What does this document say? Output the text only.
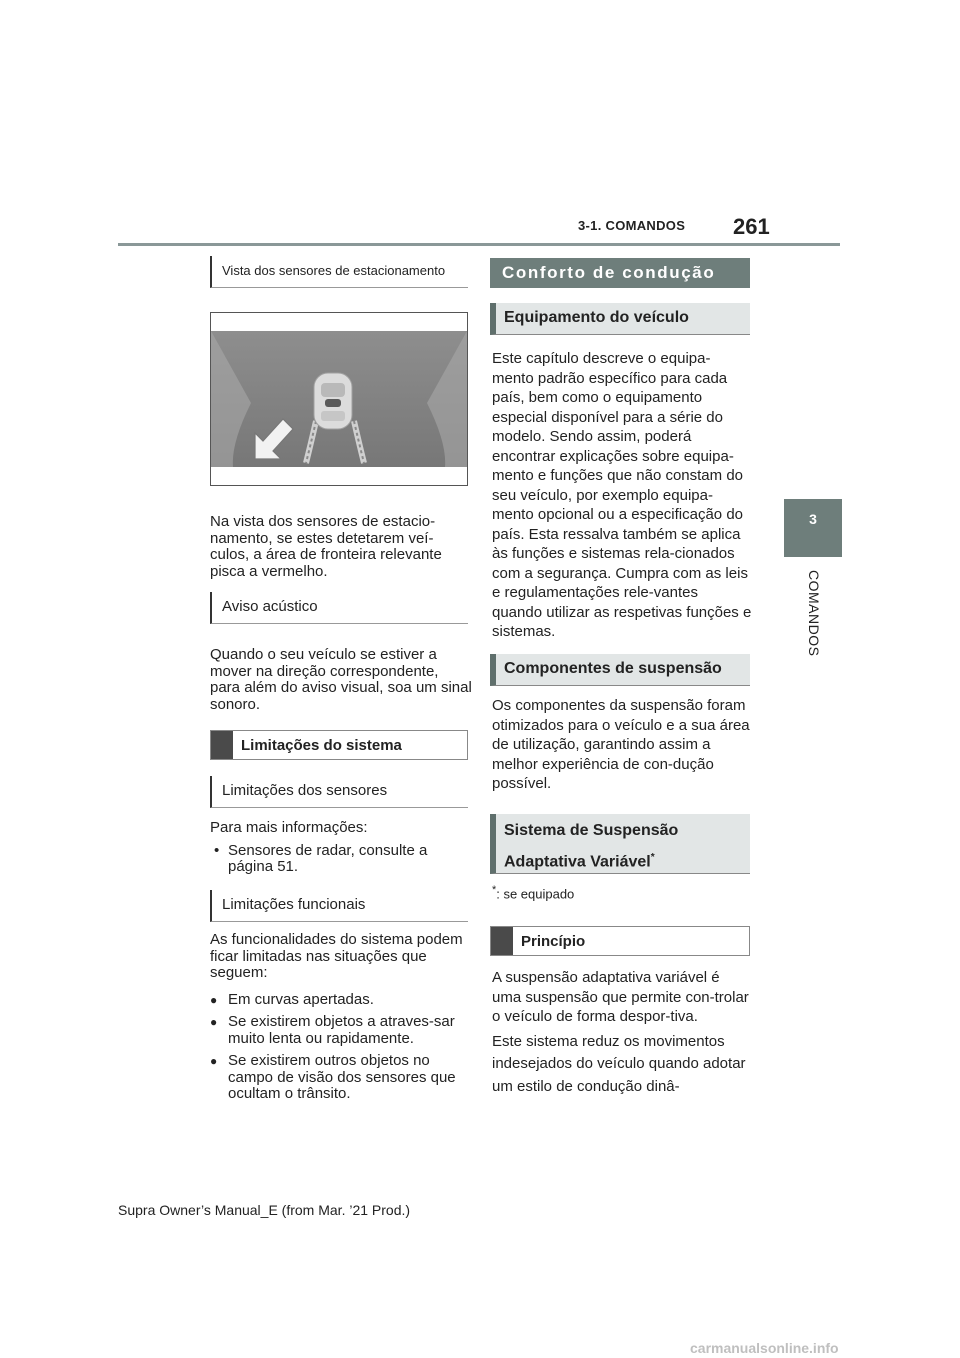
3-1. COMANDOS 261
3
COMANDOS
Vista dos sensores de estacionamento

Na vista dos sensores de estacio-namento, se estes detetarem veí-culos, a área de fronteira relevante pisca a vermelho.

Aviso acústico

Quando o seu veículo se estiver a mover na direção correspondente, para além do aviso visual, soa um sinal sonoro.

Limitações do sistema
Limitações dos sensores

Para mais informações:

• Sensores de radar, consulte a página 51.

Limitações funcionais

As funcionalidades do sistema podem ficar limitadas nas situações que seguem:

● Em curvas apertadas.

● Se existirem objetos a atraves-sar muito lenta ou rapidamente.

● Se existirem outros objetos no campo de visão dos sensores que ocultam o trânsito.

Conforto de condução
Equipamento do veículo

Este capítulo descreve o equipa-mento padrão específico para cada país, bem como o equipamento especial disponível para a série do modelo. Sendo assim, poderá encontrar explicações sobre equipa-mento e funções que não constam do seu veículo, por exemplo equipa-mento opcional ou a especificação do país. Esta ressalva também se aplica às funções e sistemas rela-cionados com a segurança. Cumpra com as leis e regulamentações rele-vantes quando utilizar as respetivas funções e sistemas.

Componentes de suspensão

Os componentes da suspensão foram otimizados para o veículo e a sua área de utilização, garantindo assim a melhor experiência de con-dução possível.

Sistema de Suspensão
Adaptativa Variável*
*: se equipado
Princípio

A suspensão adaptativa variável é uma suspensão que permite con-trolar o veículo de forma despor-tiva.

Este sistema reduz os movimentos indesejados do veículo quando adotar um estilo de condução dinâ-

Supra Owner’s Manual_E (from Mar. ’21 Prod.)
carmanualsonline.info
